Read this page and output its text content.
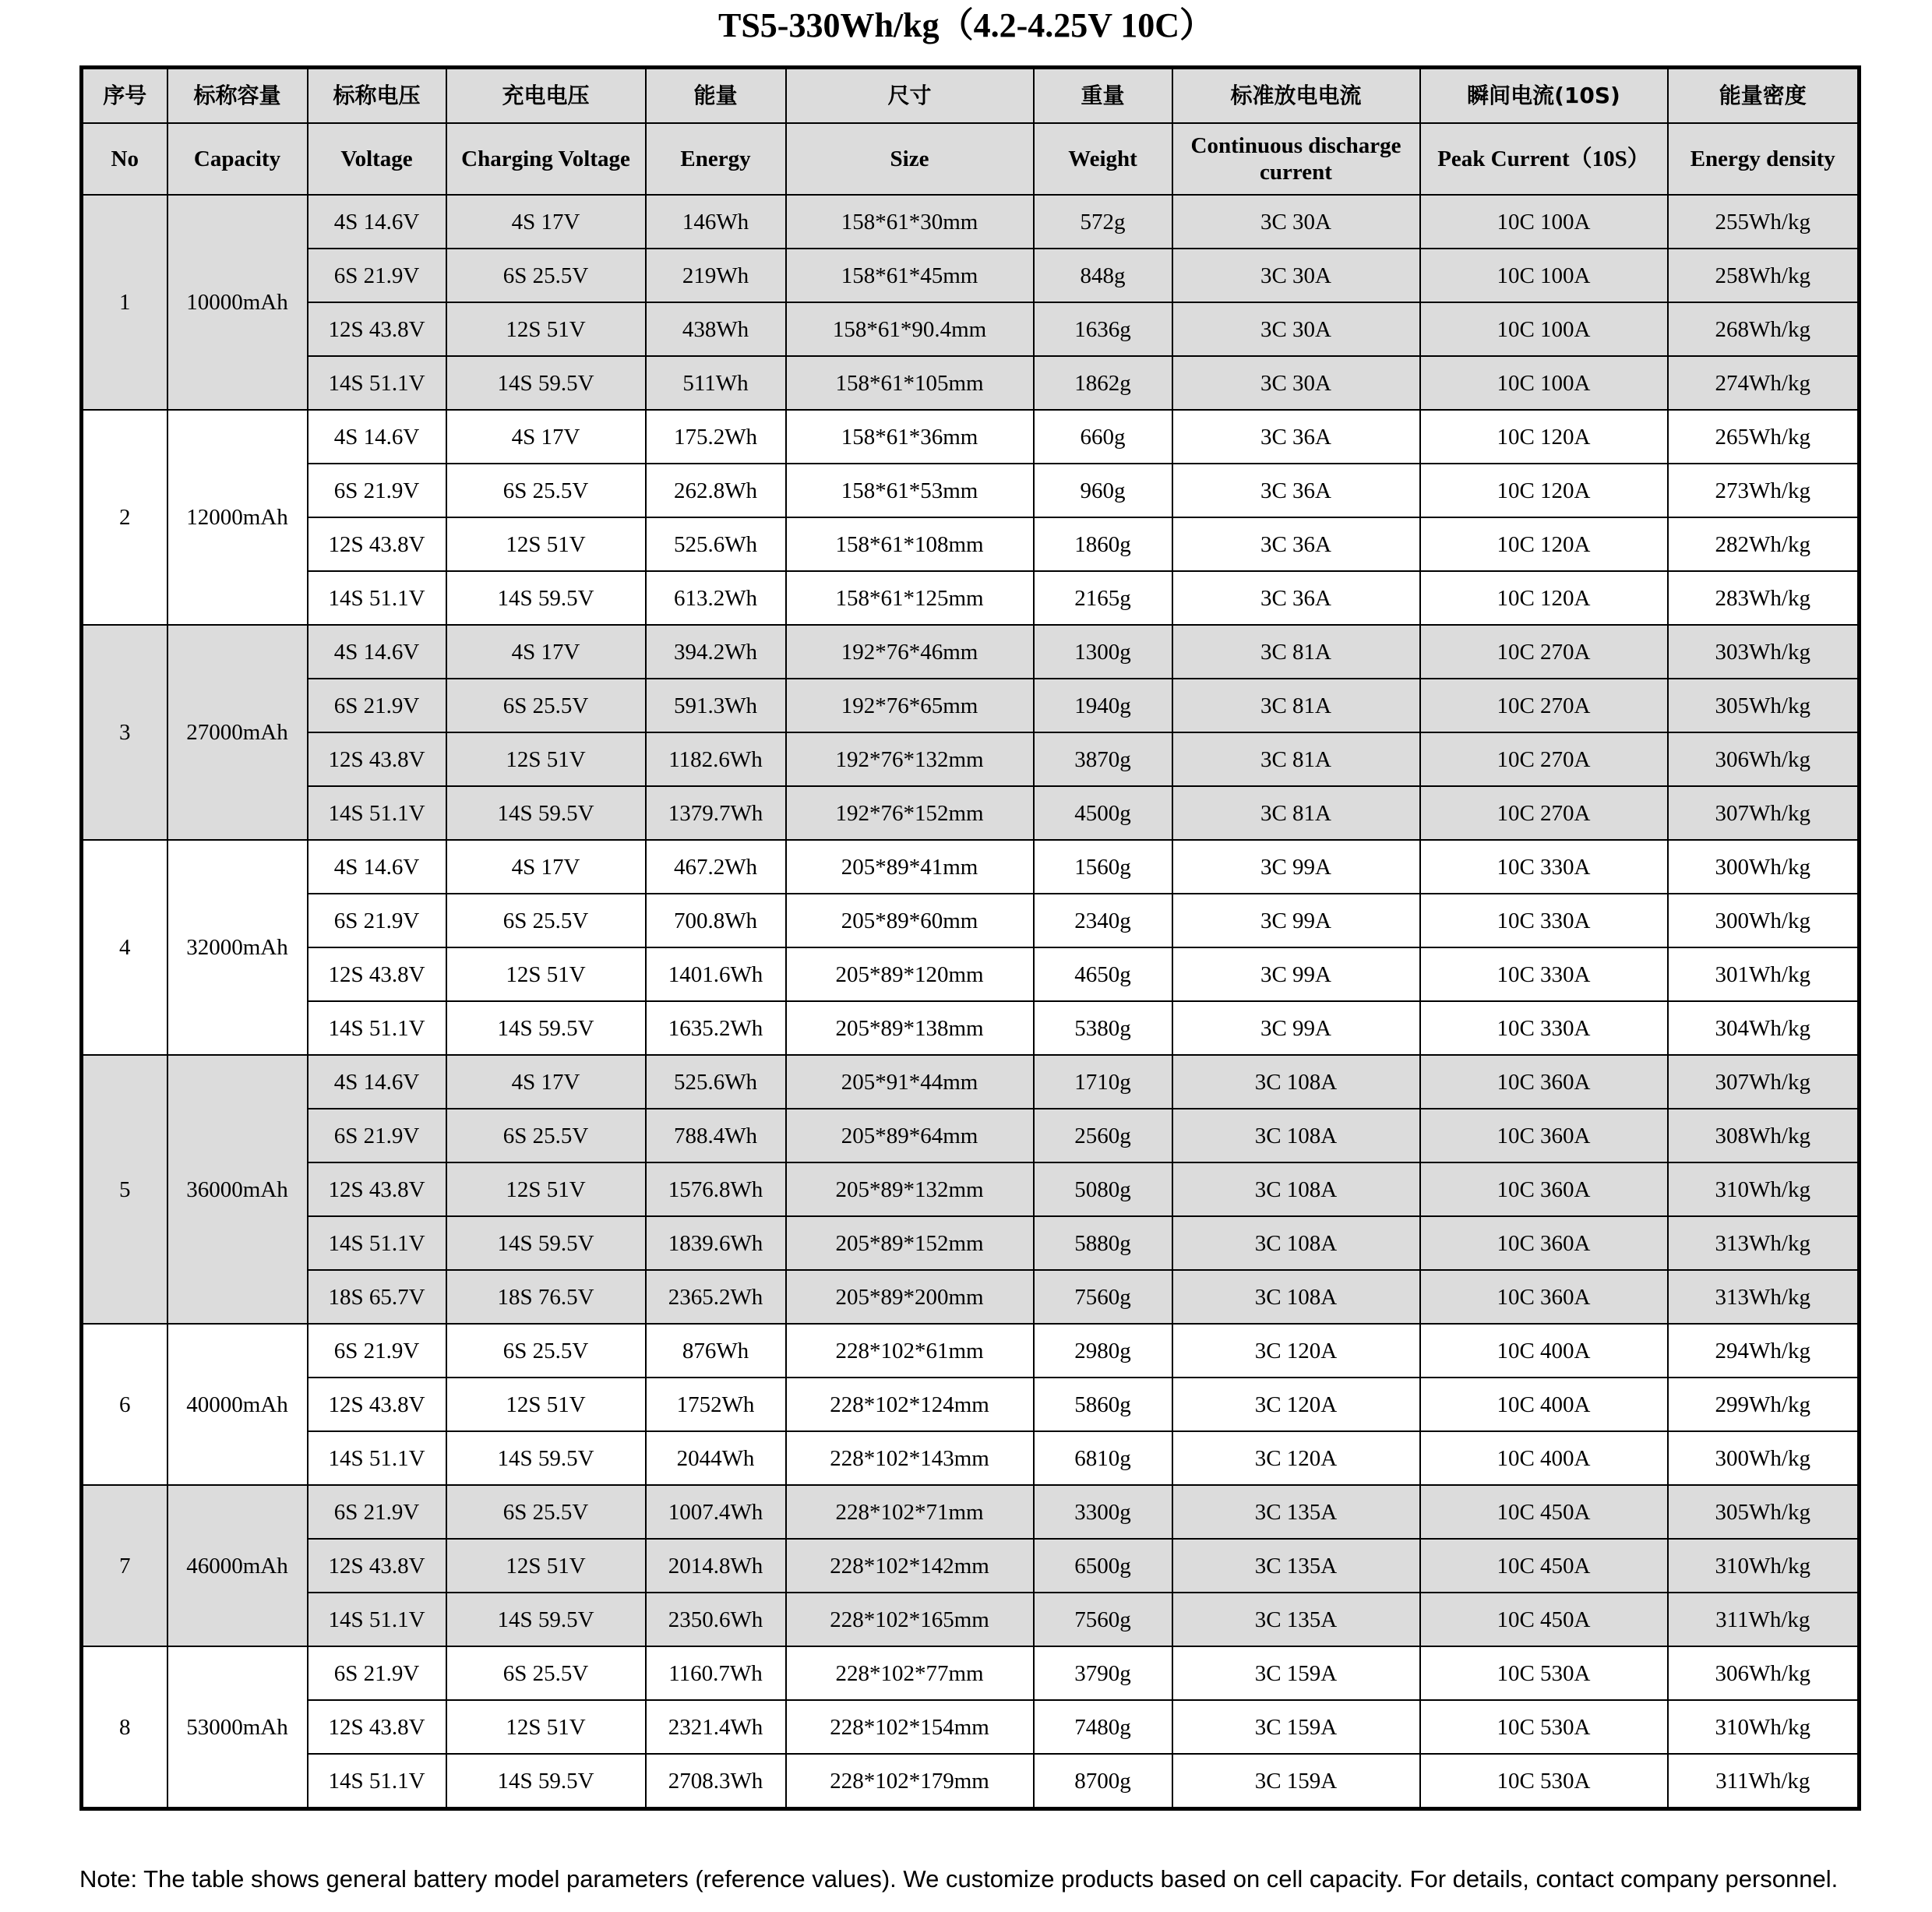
TS5-330Wh/kg（4.2-4.25V 10C）
序号	标称容量	标称电压	充电电压	能量	尺寸	重量	标准放电电流	瞬间电流(10S)	能量密度
No	Capacity	Voltage	Charging Voltage	Energy	Size	Weight	Continuous discharge current	Peak Current（10S）	Energy density
1	10000mAh	4S 14.6V	4S 17V	146Wh	158*61*30mm	572g	3C 30A	10C 100A	255Wh/kg
		6S 21.9V	6S 25.5V	219Wh	158*61*45mm	848g	3C 30A	10C 100A	258Wh/kg
		12S 43.8V	12S 51V	438Wh	158*61*90.4mm	1636g	3C 30A	10C 100A	268Wh/kg
		14S 51.1V	14S 59.5V	511Wh	158*61*105mm	1862g	3C 30A	10C 100A	274Wh/kg
2	12000mAh	4S 14.6V	4S 17V	175.2Wh	158*61*36mm	660g	3C 36A	10C 120A	265Wh/kg
		6S 21.9V	6S 25.5V	262.8Wh	158*61*53mm	960g	3C 36A	10C 120A	273Wh/kg
		12S 43.8V	12S 51V	525.6Wh	158*61*108mm	1860g	3C 36A	10C 120A	282Wh/kg
		14S 51.1V	14S 59.5V	613.2Wh	158*61*125mm	2165g	3C 36A	10C 120A	283Wh/kg
3	27000mAh	4S 14.6V	4S 17V	394.2Wh	192*76*46mm	1300g	3C 81A	10C 270A	303Wh/kg
		6S 21.9V	6S 25.5V	591.3Wh	192*76*65mm	1940g	3C 81A	10C 270A	305Wh/kg
		12S 43.8V	12S 51V	1182.6Wh	192*76*132mm	3870g	3C 81A	10C 270A	306Wh/kg
		14S 51.1V	14S 59.5V	1379.7Wh	192*76*152mm	4500g	3C 81A	10C 270A	307Wh/kg
4	32000mAh	4S 14.6V	4S 17V	467.2Wh	205*89*41mm	1560g	3C 99A	10C 330A	300Wh/kg
		6S 21.9V	6S 25.5V	700.8Wh	205*89*60mm	2340g	3C 99A	10C 330A	300Wh/kg
		12S 43.8V	12S 51V	1401.6Wh	205*89*120mm	4650g	3C 99A	10C 330A	301Wh/kg
		14S 51.1V	14S 59.5V	1635.2Wh	205*89*138mm	5380g	3C 99A	10C 330A	304Wh/kg
5	36000mAh	4S 14.6V	4S 17V	525.6Wh	205*91*44mm	1710g	3C 108A	10C 360A	307Wh/kg
		6S 21.9V	6S 25.5V	788.4Wh	205*89*64mm	2560g	3C 108A	10C 360A	308Wh/kg
		12S 43.8V	12S 51V	1576.8Wh	205*89*132mm	5080g	3C 108A	10C 360A	310Wh/kg
		14S 51.1V	14S 59.5V	1839.6Wh	205*89*152mm	5880g	3C 108A	10C 360A	313Wh/kg
		18S 65.7V	18S 76.5V	2365.2Wh	205*89*200mm	7560g	3C 108A	10C 360A	313Wh/kg
6	40000mAh	6S 21.9V	6S 25.5V	876Wh	228*102*61mm	2980g	3C 120A	10C 400A	294Wh/kg
		12S 43.8V	12S 51V	1752Wh	228*102*124mm	5860g	3C 120A	10C 400A	299Wh/kg
		14S 51.1V	14S 59.5V	2044Wh	228*102*143mm	6810g	3C 120A	10C 400A	300Wh/kg
7	46000mAh	6S 21.9V	6S 25.5V	1007.4Wh	228*102*71mm	3300g	3C 135A	10C 450A	305Wh/kg
		12S 43.8V	12S 51V	2014.8Wh	228*102*142mm	6500g	3C 135A	10C 450A	310Wh/kg
		14S 51.1V	14S 59.5V	2350.6Wh	228*102*165mm	7560g	3C 135A	10C 450A	311Wh/kg
8	53000mAh	6S 21.9V	6S 25.5V	1160.7Wh	228*102*77mm	3790g	3C 159A	10C 530A	306Wh/kg
		12S 43.8V	12S 51V	2321.4Wh	228*102*154mm	7480g	3C 159A	10C 530A	310Wh/kg
		14S 51.1V	14S 59.5V	2708.3Wh	228*102*179mm	8700g	3C 159A	10C 530A	311Wh/kg
Note: The table shows general battery model parameters (reference values). We customize products based on cell capacity. For details, contact company personnel.
